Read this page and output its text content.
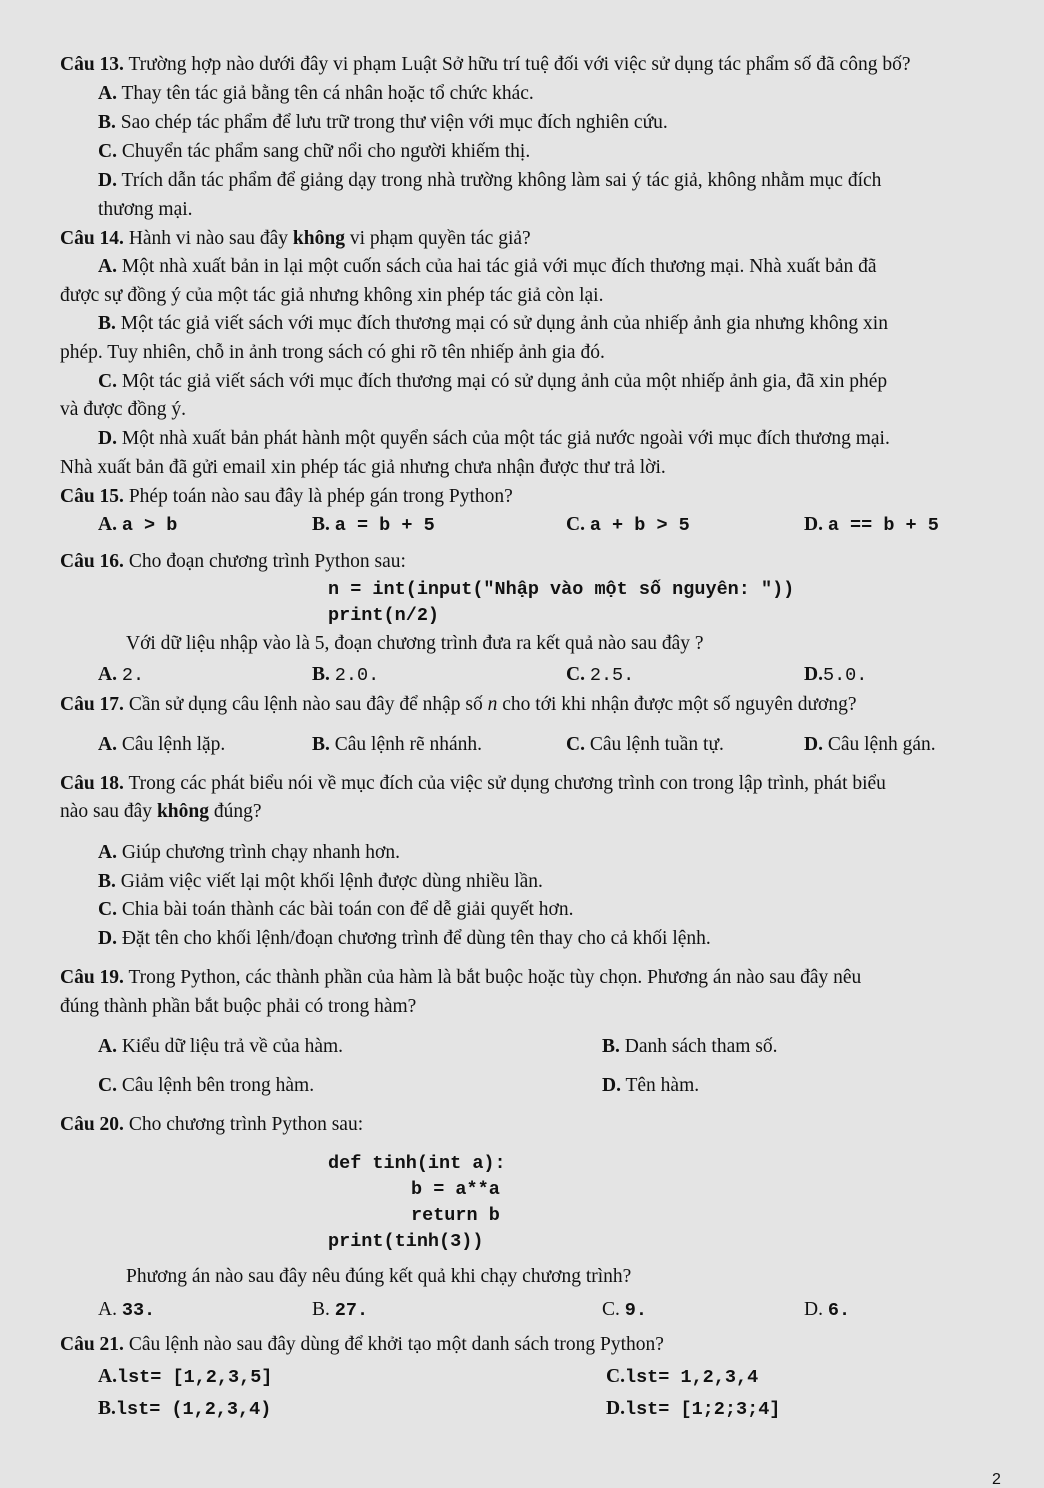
Câu 13. Trường hợp nào dưới đây vi phạm Luật Sở hữu trí tuệ đối với việc sử dụng tác phẩm số đã công bố?
A. Thay tên tác giả bằng tên cá nhân hoặc tổ chức khác.
B. Sao chép tác phẩm để lưu trữ trong thư viện với mục đích nghiên cứu.
C. Chuyển tác phẩm sang chữ nổi cho người khiếm thị.
D. Trích dẫn tác phẩm để giảng dạy trong nhà trường không làm sai ý tác giả, không nhằm mục đích
thương mại.
Câu 14. Hành vi nào sau đây không vi phạm quyền tác giả?
A. Một nhà xuất bản in lại một cuốn sách của hai tác giả với mục đích thương mại. Nhà xuất bản đã
được sự đồng ý của một tác giả nhưng không xin phép tác giả còn lại.
B. Một tác giả viết sách với mục đích thương mại có sử dụng ảnh của nhiếp ảnh gia nhưng không xin
phép. Tuy nhiên, chỗ in ảnh trong sách có ghi rõ tên nhiếp ảnh gia đó.
C. Một tác giả viết sách với mục đích thương mại có sử dụng ảnh của một nhiếp ảnh gia, đã xin phép
và được đồng ý.
D. Một nhà xuất bản phát hành một quyển sách của một tác giả nước ngoài với mục đích thương mại.
Nhà xuất bản đã gửi email xin phép tác giả nhưng chưa nhận được thư trả lời.
Câu 15. Phép toán nào sau đây là phép gán trong Python?
A. a > b	B. a = b + 5	C. a + b > 5	D. a == b + 5
Câu 16. Cho đoạn chương trình Python sau:
n = int(input("Nhập vào một số nguyên: "))
print(n/2)
Với dữ liệu nhập vào là 5, đoạn chương trình đưa ra kết quả nào sau đây ?
A. 2.	B. 2.0.	C. 2.5.	D.5.0.
Câu 17. Cần sử dụng câu lệnh nào sau đây để nhập số n cho tới khi nhận được một số nguyên dương?
A. Câu lệnh lặp.	B. Câu lệnh rẽ nhánh.	C. Câu lệnh tuần tự.	D. Câu lệnh gán.
Câu 18. Trong các phát biểu nói về mục đích của việc sử dụng chương trình con trong lập trình, phát biểu
nào sau đây không đúng?
A. Giúp chương trình chạy nhanh hơn.
B. Giảm việc viết lại một khối lệnh được dùng nhiều lần.
C. Chia bài toán thành các bài toán con để dễ giải quyết hơn.
D. Đặt tên cho khối lệnh/đoạn chương trình để dùng tên thay cho cả khối lệnh.
Câu 19. Trong Python, các thành phần của hàm là bắt buộc hoặc tùy chọn. Phương án nào sau đây nêu
đúng thành phần bắt buộc phải có trong hàm?
A. Kiểu dữ liệu trả về của hàm.	B. Danh sách tham số.
C. Câu lệnh bên trong hàm.	D. Tên hàm.
Câu 20. Cho chương trình Python sau:
def tinh(int a):
b = a**a
return b
print(tinh(3))
Phương án nào sau đây nêu đúng kết quả khi chạy chương trình?
A. 33.	B. 27.	C. 9.	D. 6.
Câu 21. Câu lệnh nào sau đây dùng để khởi tạo một danh sách trong Python?
A.lst= [1,2,3,5]	C.lst= 1,2,3,4
B.lst= (1,2,3,4)	D.lst= [1;2;3;4]
2
